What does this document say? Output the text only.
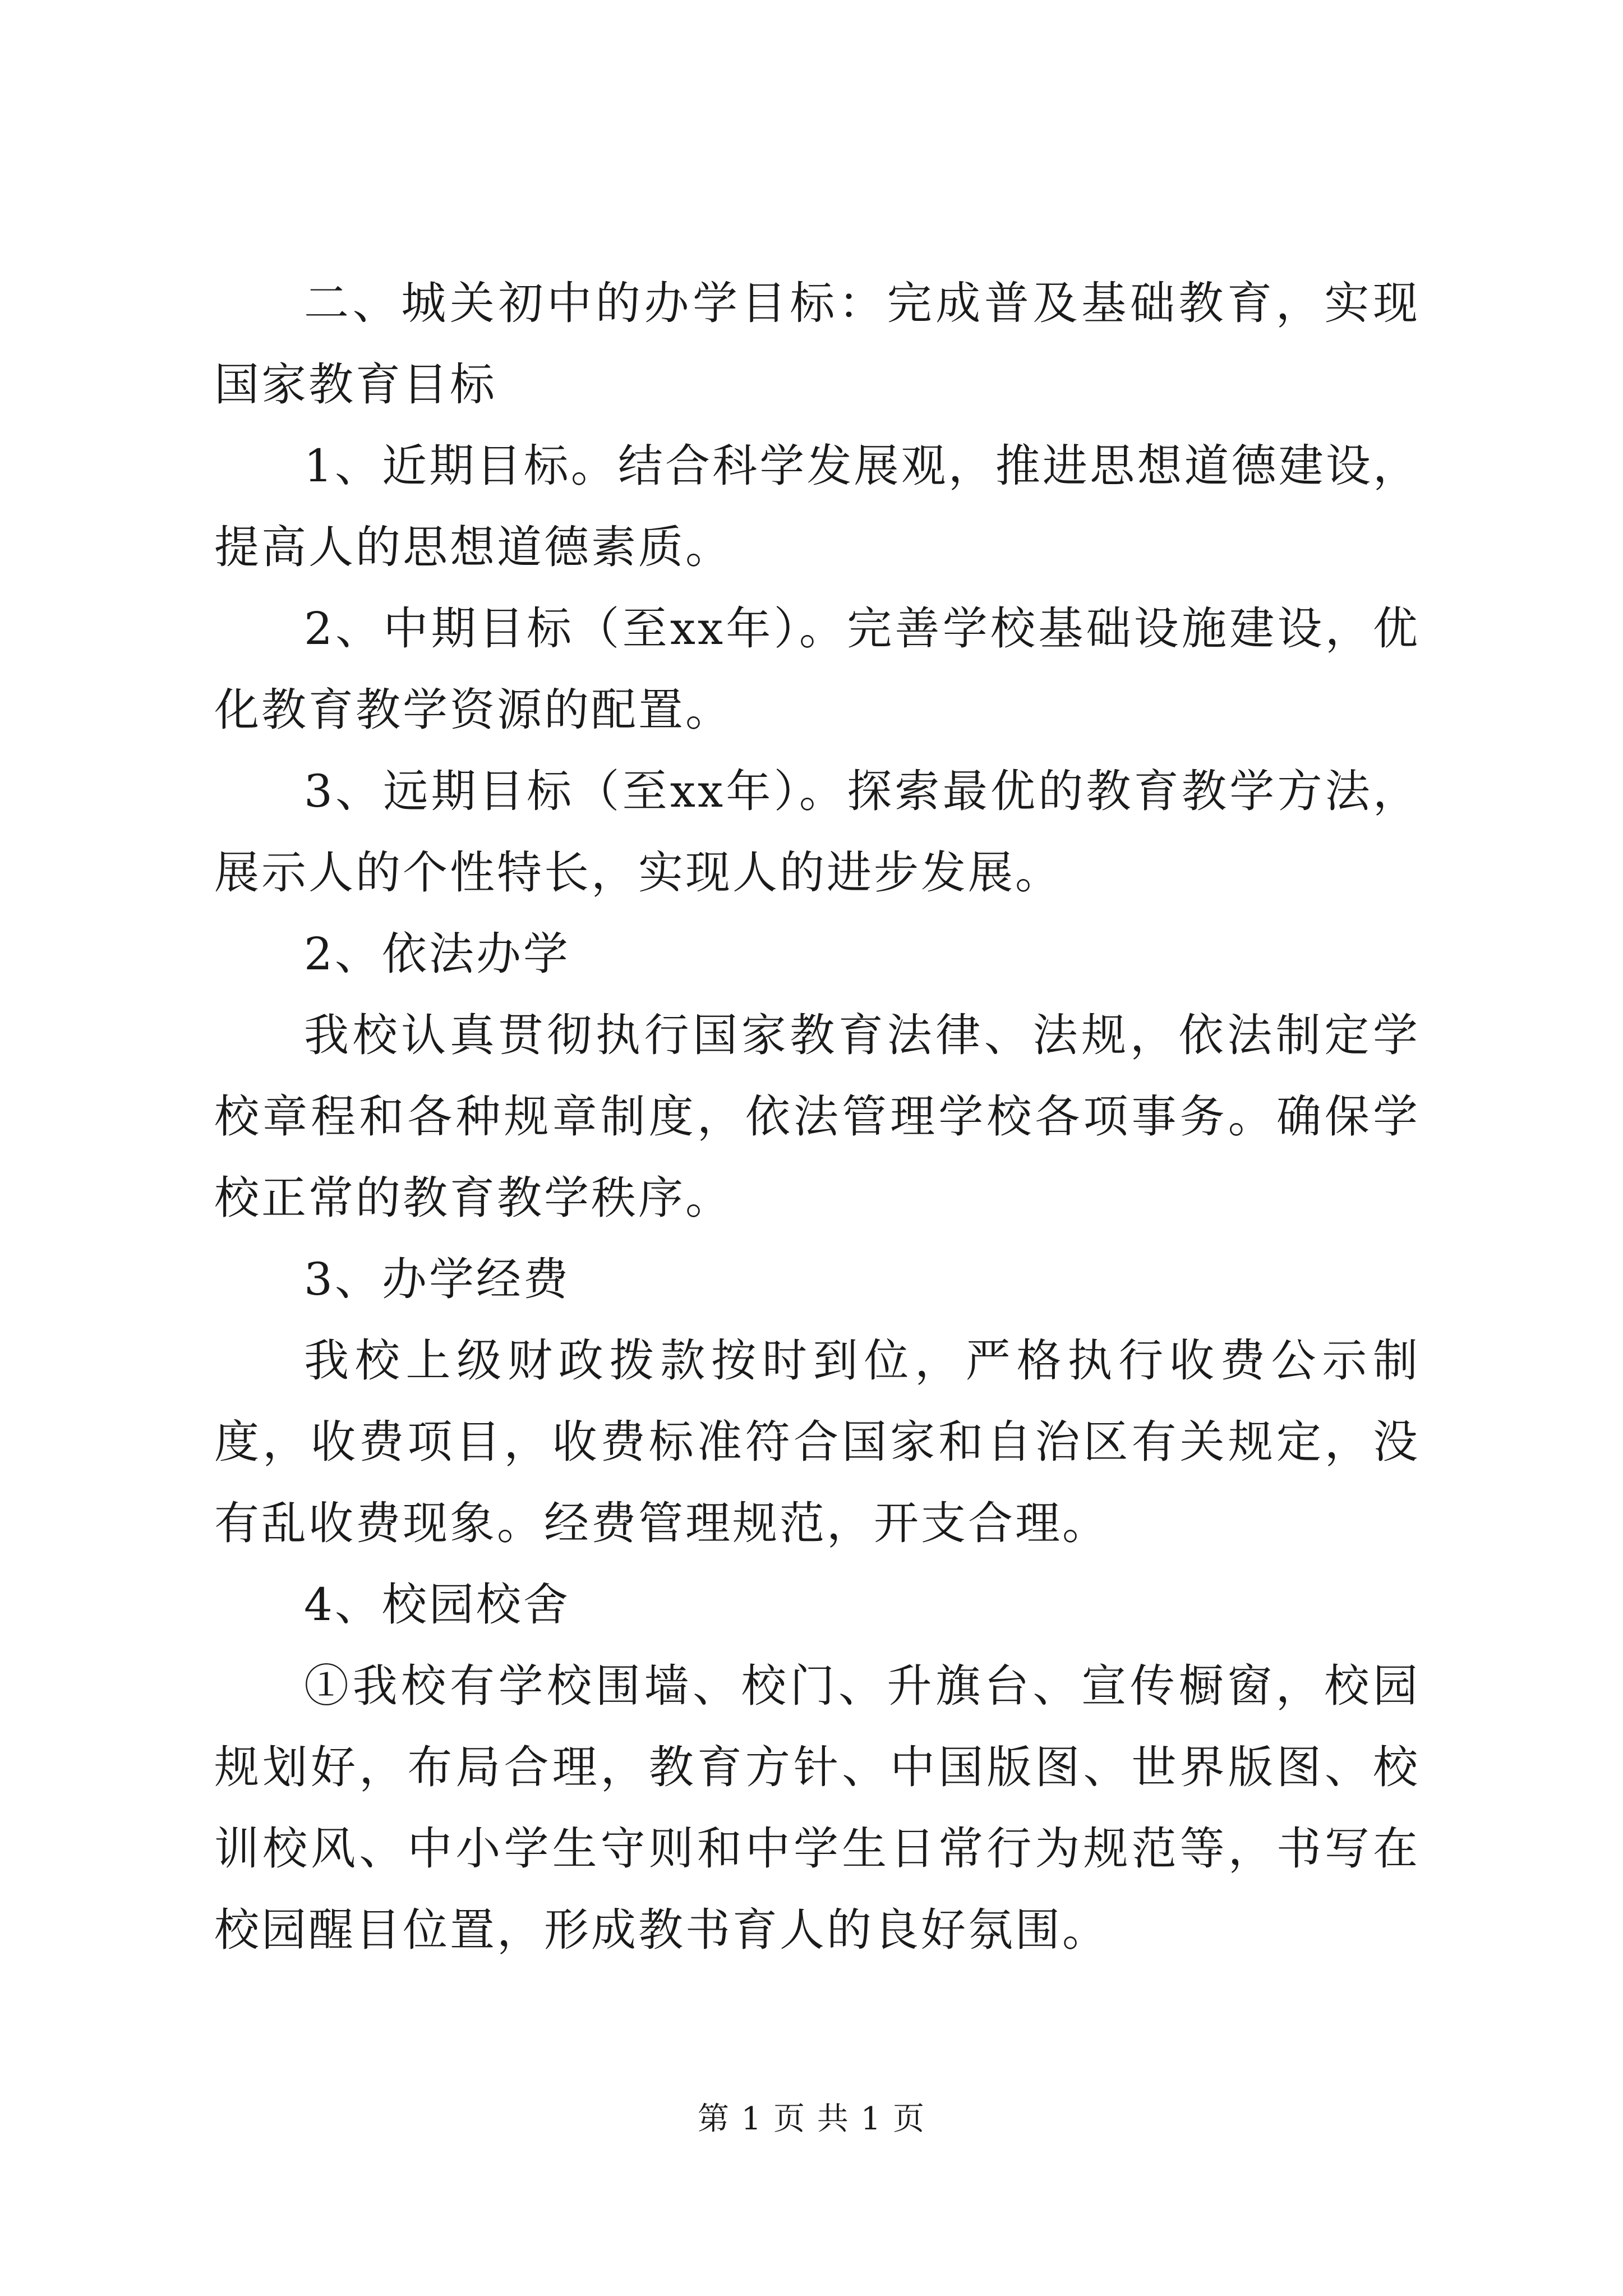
二、城关初中的办学目标：完成普及基础教育，实现国家教育目标

1、近期目标。结合科学发展观，推进思想道德建设，提高人的思想道德素质。

2、中期目标（至xx年）。完善学校基础设施建设，优化教育教学资源的配置。

3、远期目标（至xx年）。探索最优的教育教学方法，展示人的个性特长，实现人的进步发展。

2、依法办学

我校认真贯彻执行国家教育法律、法规，依法制定学校章程和各种规章制度，依法管理学校各项事务。确保学校正常的教育教学秩序。

3、办学经费

我校上级财政拨款按时到位，严格执行收费公示制度，收费项目，收费标准符合国家和自治区有关规定，没有乱收费现象。经费管理规范，开支合理。

4、校园校舍

①我校有学校围墙、校门、升旗台、宣传橱窗，校园规划好，布局合理，教育方针、中国版图、世界版图、校训校风、中小学生守则和中学生日常行为规范等，书写在校园醒目位置，形成教书育人的良好氛围。

第 1 页 共 1 页
